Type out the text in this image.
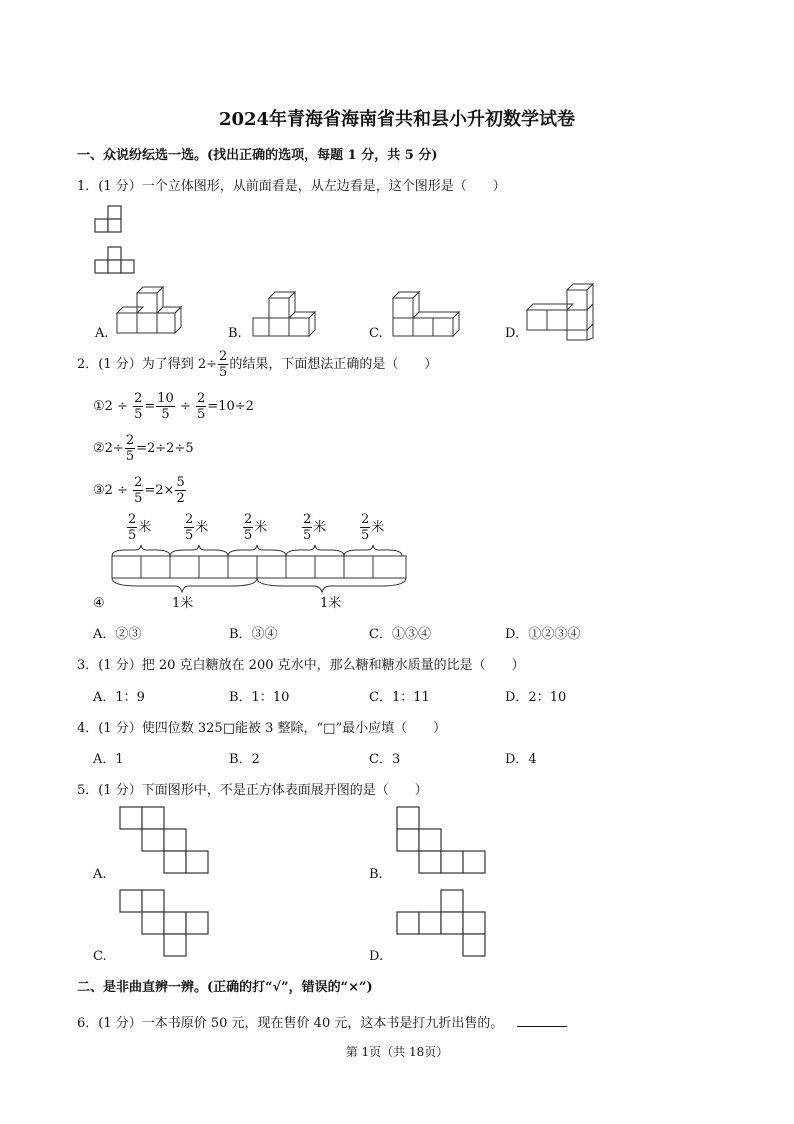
2024年青海省海南省共和县小升初数学试卷
一、众说纷纭选一选。(找出正确的选项，每题 1 分，共 5 分)
1．(1 分）一个立体图形，从前面看是，从左边看是，这个图形是（　　）
A.	B.	C.	D.
2．(1 分）为了得到 $2\div \frac{2}{5}$ 的结果，下面想法正确的是（　　）
①2 ÷ $\frac{2}{5} = \frac{10}{5} \div \frac{2}{5} =10\div 2$
②2÷ $\frac{2}{5} =2\div 2\div 5$
③2 ÷ $\frac{2}{5} =2\times \frac{5}{2}$
$\frac{2}{5}$ 米	$\frac{2}{5}$ 米	$\frac{2}{5}$ 米	$\frac{2}{5}$ 米	$\frac{2}{5}$ 米
1米	1米
④
A．②③	B．③④	C．①③④	D．①②③④
3．(1 分）把 20 克白糖放在 200 克水中，那么糖和糖水质量的比是（　　）
A．1：9	B．1：10	C．1：11	D．2：10
4．(1 分）使四位数 325□能被 3 整除，“□”最小应填（　　）
A．1	B．2	C．3	D．4
5．(1 分）下面图形中，不是正方体表面展开图的是（　　）
A.	B.
C.	D.
二、是非曲直辨一辨。(正确的打“√”，错误的“×”)
6．(1 分）一本书原价 50 元，现在售价 40 元，这本书是打九折出售的。
第 1页（共 18页）
